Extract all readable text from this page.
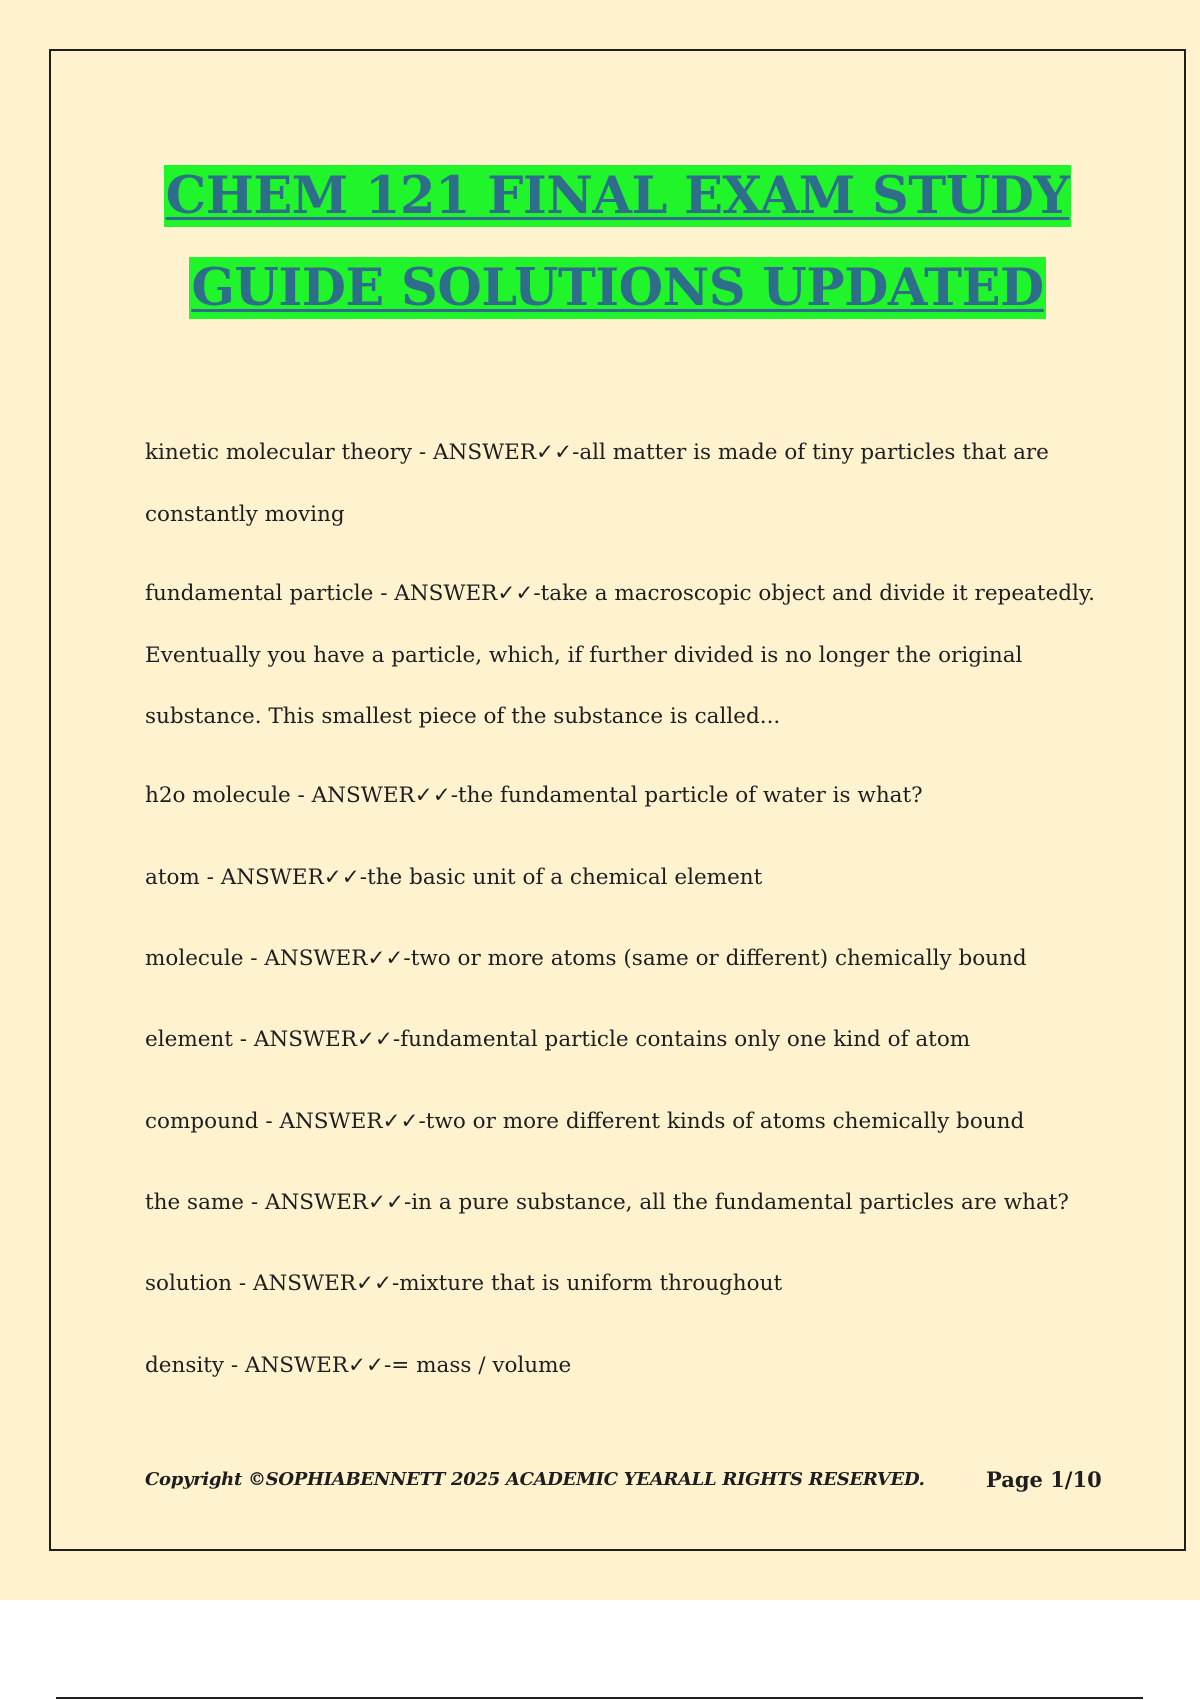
CHEM 121 FINAL EXAM STUDY
GUIDE SOLUTIONS UPDATED

kinetic molecular theory - ANSWER✓✓-all matter is made of tiny particles that are

constantly moving

fundamental particle - ANSWER✓✓-take a macroscopic object and divide it repeatedly.

Eventually you have a particle, which, if further divided is no longer the original

substance. This smallest piece of the substance is called...

h2o molecule - ANSWER✓✓-the fundamental particle of water is what?

atom - ANSWER✓✓-the basic unit of a chemical element

molecule - ANSWER✓✓-two or more atoms (same or different) chemically bound

element - ANSWER✓✓-fundamental particle contains only one kind of atom

compound - ANSWER✓✓-two or more different kinds of atoms chemically bound

the same - ANSWER✓✓-in a pure substance, all the fundamental particles are what?

solution - ANSWER✓✓-mixture that is uniform throughout

density - ANSWER✓✓-= mass / volume

Copyright ©SOPHIABENNETT 2025 ACADEMIC YEARALL RIGHTS RESERVED.	Page 1/10
